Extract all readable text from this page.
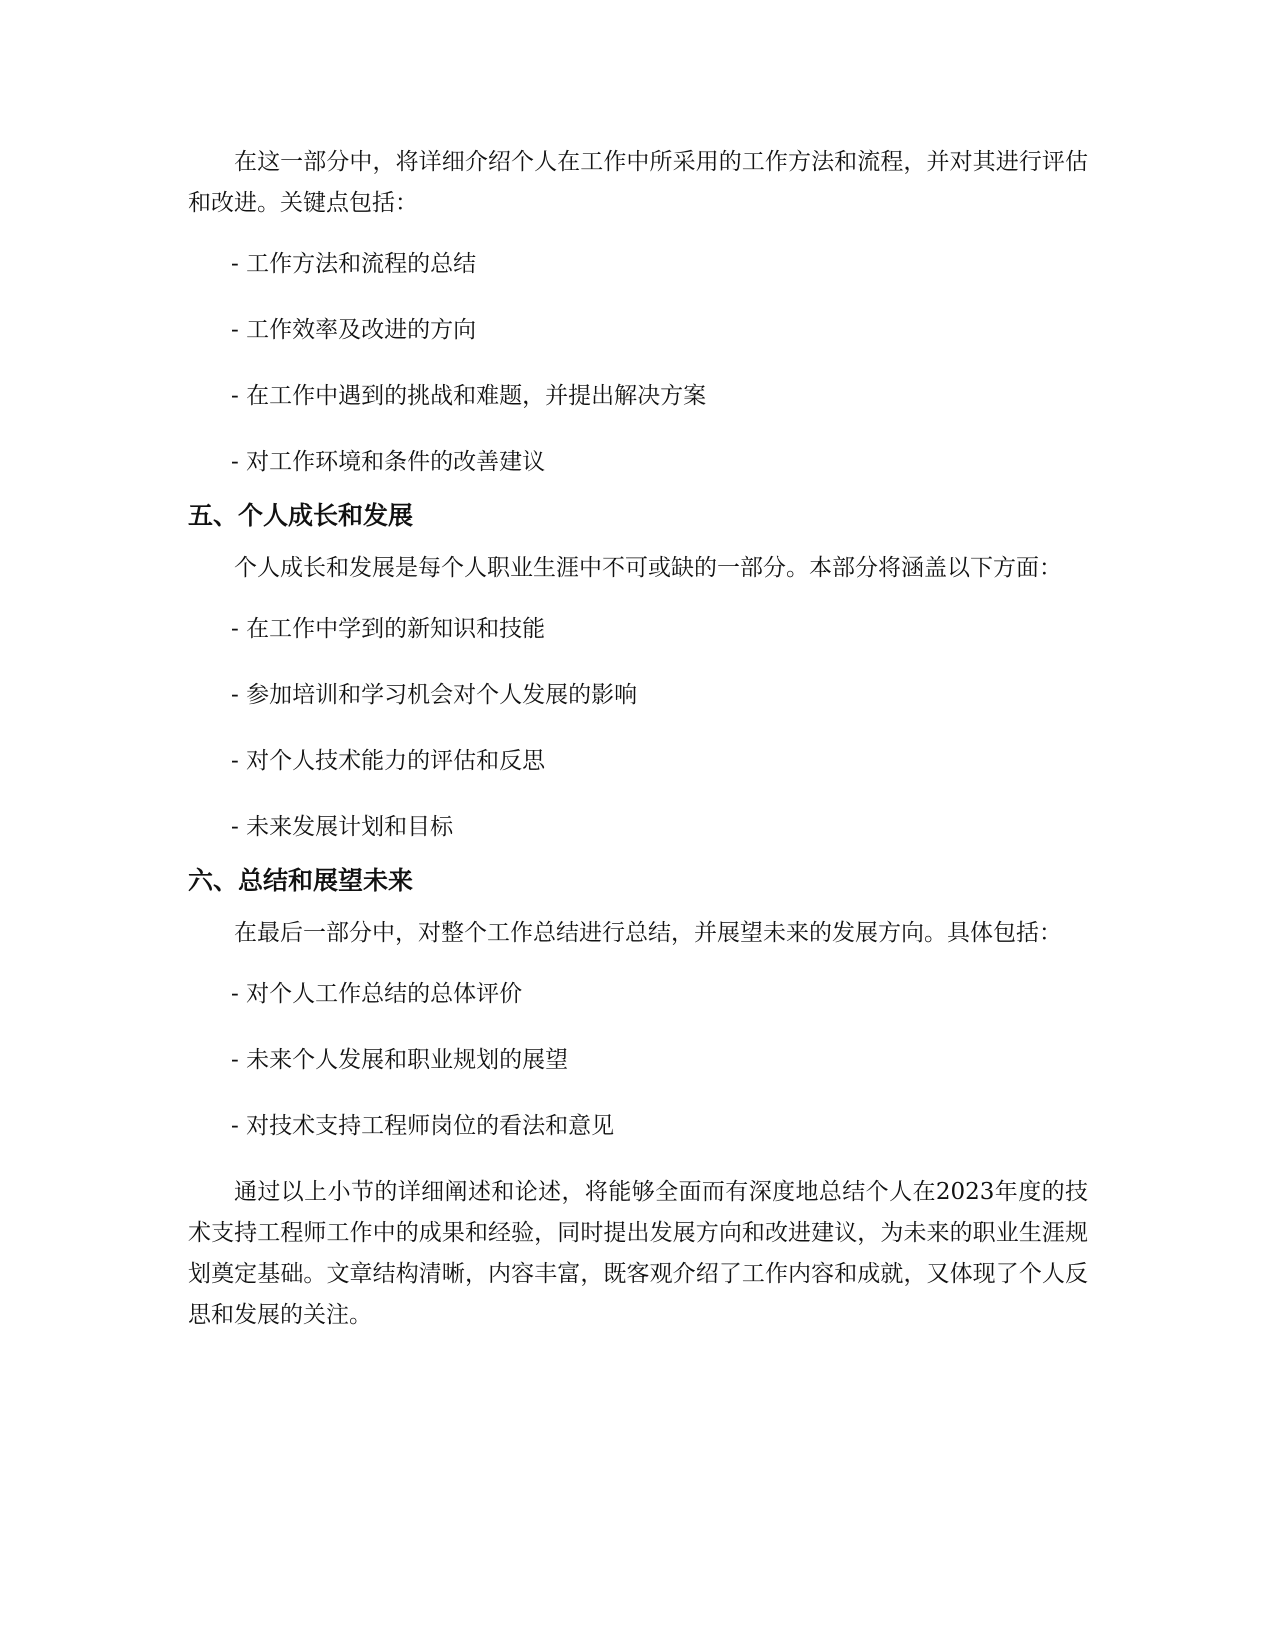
在这一部分中，将详细介绍个人在工作中所采用的工作方法和流程，并对其进行评估和改进。关键点包括：

- 工作方法和流程的总结

- 工作效率及改进的方向

- 在工作中遇到的挑战和难题，并提出解决方案

- 对工作环境和条件的改善建议

五、个人成长和发展

个人成长和发展是每个人职业生涯中不可或缺的一部分。本部分将涵盖以下方面：

- 在工作中学到的新知识和技能

- 参加培训和学习机会对个人发展的影响

- 对个人技术能力的评估和反思

- 未来发展计划和目标

六、总结和展望未来

在最后一部分中，对整个工作总结进行总结，并展望未来的发展方向。具体包括：

- 对个人工作总结的总体评价

- 未来个人发展和职业规划的展望

- 对技术支持工程师岗位的看法和意见

通过以上小节的详细阐述和论述，将能够全面而有深度地总结个人在2023年度的技术支持工程师工作中的成果和经验，同时提出发展方向和改进建议，为未来的职业生涯规划奠定基础。文章结构清晰，内容丰富，既客观介绍了工作内容和成就，又体现了个人反思和发展的关注。
